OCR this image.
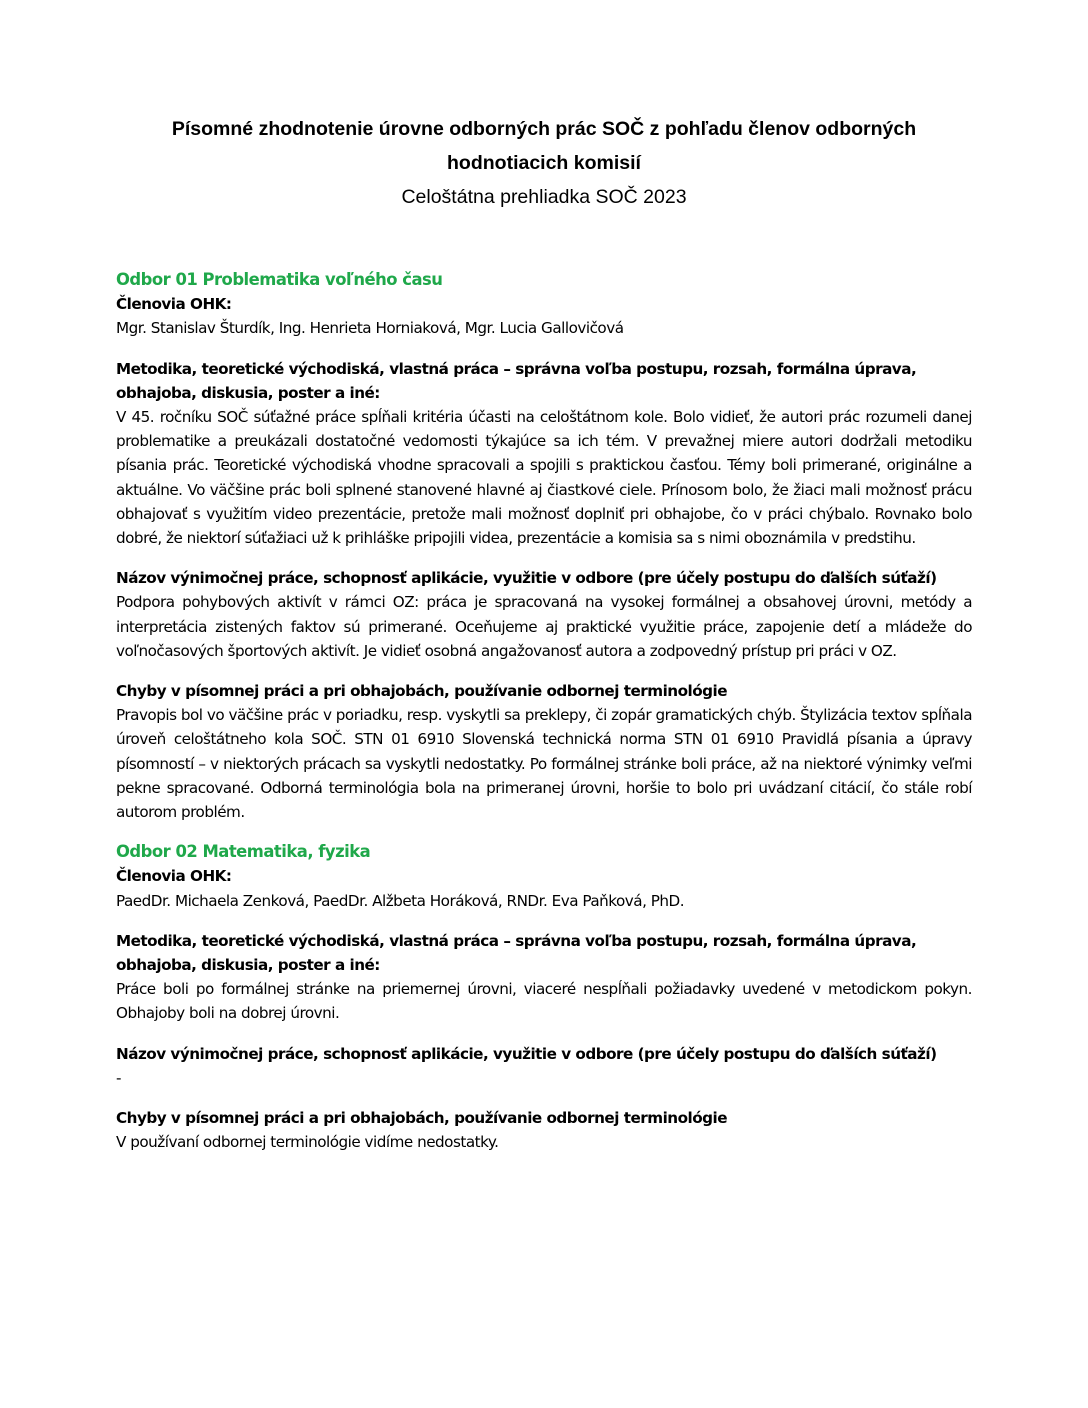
Písomné zhodnotenie úrovne odborných prác SOČ z pohľadu členov odborných

hodnotiacich komisií

Celoštátna prehliadka SOČ 2023

Odbor 01 Problematika voľného času

Členovia OHK:

Mgr. Stanislav Šturdík, Ing. Henrieta Horniaková, Mgr. Lucia Gallovičová

Metodika, teoretické východiská, vlastná práca – správna voľba postupu, rozsah, formálna úprava, obhajoba, diskusia, poster a iné:

V 45. ročníku SOČ súťažné práce spĺňali kritéria účasti na celoštátnom kole. Bolo vidieť, že autori prác rozumeli danej problematike a preukázali dostatočné vedomosti týkajúce sa ich tém. V prevažnej miere autori dodržali metodiku písania prác. Teoretické východiská vhodne spracovali a spojili s praktickou časťou. Témy boli primerané, originálne a aktuálne. Vo väčšine prác boli splnené stanovené hlavné aj čiastkové ciele. Prínosom bolo, že žiaci mali možnosť prácu obhajovať s využitím video prezentácie, pretože mali možnosť doplniť pri obhajobe, čo v práci chýbalo. Rovnako bolo dobré, že niektorí súťažiaci už k prihláške pripojili videa, prezentácie a komisia sa s nimi oboznámila v predstihu.

Názov výnimočnej práce, schopnosť aplikácie, využitie v odbore (pre účely postupu do ďalších súťaží)

Podpora pohybových aktivít v rámci OZ: práca je spracovaná na vysokej formálnej a obsahovej úrovni, metódy a interpretácia zistených faktov sú primerané. Oceňujeme aj praktické využitie práce, zapojenie detí a mládeže do voľnočasových športových aktivít. Je vidieť osobná angažovanosť autora a zodpovedný prístup pri práci v OZ.

Chyby v písomnej práci a pri obhajobách, používanie odbornej terminológie

Pravopis bol vo väčšine prác v poriadku, resp. vyskytli sa preklepy, či zopár gramatických chýb. Štylizácia textov spĺňala úroveň celoštátneho kola SOČ. STN 01 6910 Slovenská technická norma STN 01 6910 Pravidlá písania a úpravy písomností – v niektorých prácach sa vyskytli nedostatky. Po formálnej stránke boli práce, až na niektoré výnimky veľmi pekne spracované. Odborná terminológia bola na primeranej úrovni, horšie to bolo pri uvádzaní citácií, čo stále robí autorom problém.

Odbor 02 Matematika, fyzika

Členovia OHK:

PaedDr. Michaela Zenková, PaedDr. Alžbeta Horáková, RNDr. Eva Paňková, PhD.

Metodika, teoretické východiská, vlastná práca – správna voľba postupu, rozsah, formálna úprava, obhajoba, diskusia, poster a iné:

Práce boli po formálnej stránke na priemernej úrovni, viaceré nespĺňali požiadavky uvedené v metodickom pokyn. Obhajoby boli na dobrej úrovni.

Názov výnimočnej práce, schopnosť aplikácie, využitie v odbore (pre účely postupu do ďalších súťaží)

-

Chyby v písomnej práci a pri obhajobách, používanie odbornej terminológie

V používaní odbornej terminológie vidíme nedostatky.
